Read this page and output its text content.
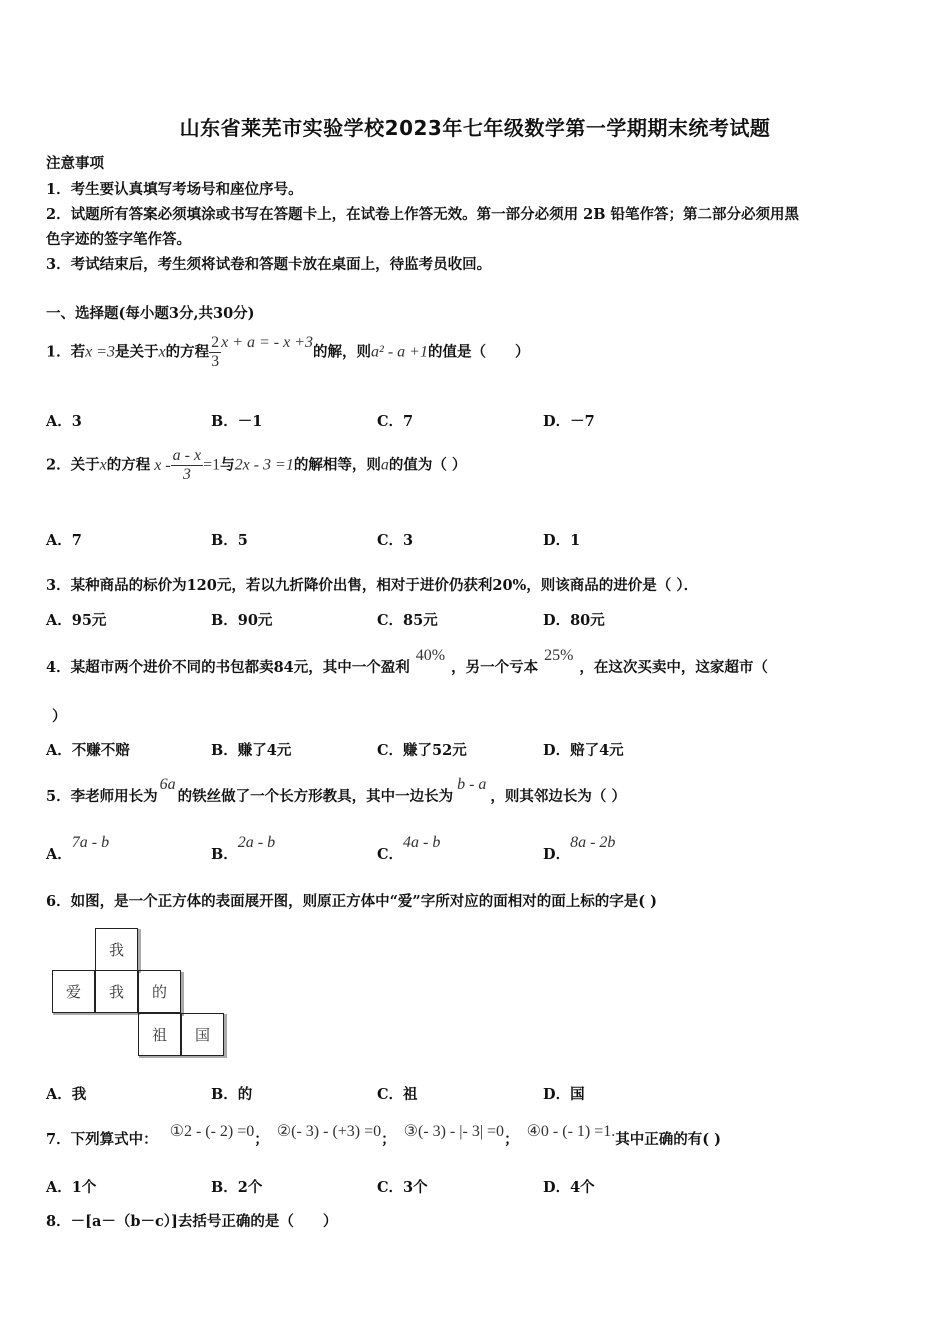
山东省莱芜市实验学校2023年七年级数学第一学期期末统考试题
注意事项
1．考生要认真填写考场号和座位序号。
2．试题所有答案必须填涂或书写在答题卡上，在试卷上作答无效。第一部分必须用 2B 铅笔作答；第二部分必须用黑
色字迹的签字笔作答。
3．考试结束后，考生须将试卷和答题卡放在桌面上，待监考员收回。
一、选择题(每小题3分,共30分)
1．若x =3是关于x的方程 $\frac{2}{3}$ x + a = - x +3的解，则a² - a +1的值是（　　）
A．3	B．－1	C．7	D．－7
2．关于x的方程 $x - \frac{a - x}{3} =1$与2x - 3 =1的解相等，则a的值为（ ）
A．7	B．5	C．3	D．1
3．某种商品的标价为120元，若以九折降价出售，相对于进价仍获利20%，则该商品的进价是（ ）．
A．95元	B．90元	C．85元	D．80元
4．某超市两个进价不同的书包都卖84元，其中一个盈利40%，另一个亏本25%，在这次买卖中，这家超市（
）
A．不赚不赔	B．赚了4元	C．赚了52元	D．赔了4元
5．李老师用长为6a的铁丝做了一个长方形教具，其中一边长为b - a，则其邻边长为（ ）
A．7a - b
B．2a - b
C．4a - b
D．8a - 2b
6．如图，是一个正方体的表面展开图，则原正方体中“爱”字所对应的面相对的面上标的字是( )
我
爱	我	的
祖	国
A．我	B．的	C．祖	D．国
7．下列算式中： ①2 - (- 2) =0； ②(- 3) - (+3) =0； ③(- 3) - |- 3| =0； ④0 - (- 1) =1.其中正确的有( )
A．1个	B．2个	C．3个	D．4个
8．－[a－（b－c）]去括号正确的是（　　）
